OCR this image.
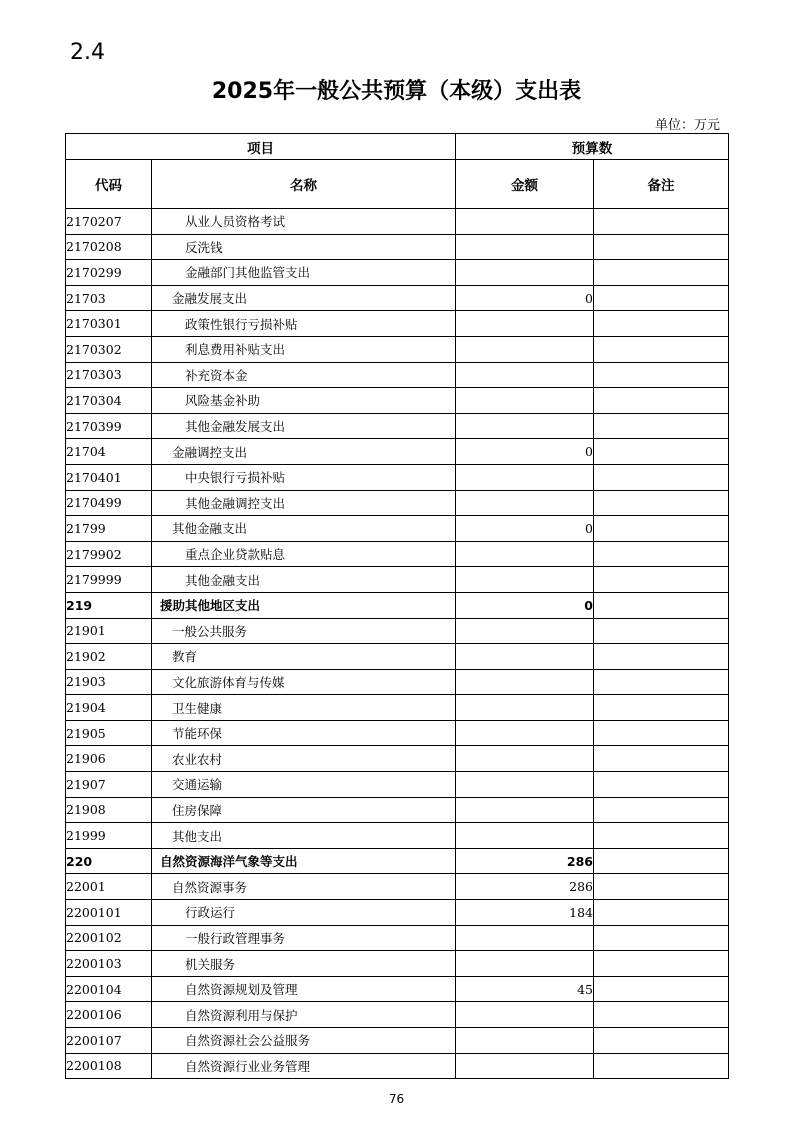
2.4
2025年一般公共预算（本级）支出表
单位：万元
项目		预算数	
代码	名称	金额	备注
2170207	从业人员资格考试		
2170208	反洗钱		
2170299	金融部门其他监管支出		
21703	金融发展支出	0	
2170301	政策性银行亏损补贴		
2170302	利息费用补贴支出		
2170303	补充资本金		
2170304	风险基金补助		
2170399	其他金融发展支出		
21704	金融调控支出	0	
2170401	中央银行亏损补贴		
2170499	其他金融调控支出		
21799	其他金融支出	0	
2179902	重点企业贷款贴息		
2179999	其他金融支出		
219	援助其他地区支出	0	
21901	一般公共服务		
21902	教育		
21903	文化旅游体育与传媒		
21904	卫生健康		
21905	节能环保		
21906	农业农村		
21907	交通运输		
21908	住房保障		
21999	其他支出		
220	自然资源海洋气象等支出	286	
22001	自然资源事务	286	
2200101	行政运行	184	
2200102	一般行政管理事务		
2200103	机关服务		
2200104	自然资源规划及管理	45	
2200106	自然资源利用与保护		
2200107	自然资源社会公益服务		
2200108	自然资源行业业务管理		
76
